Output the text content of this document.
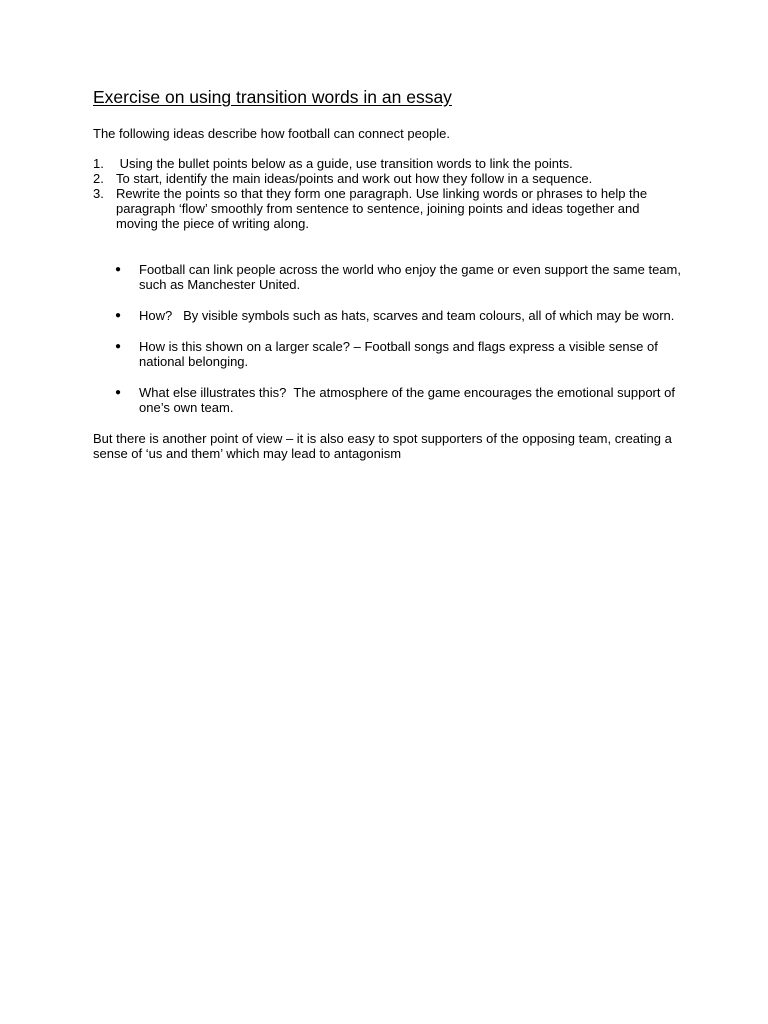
Exercise on using transition words in an essay

The following ideas describe how football can connect people.

1. Using the bullet points below as a guide, use transition words to link the points.
2. To start, identify the main ideas/points and work out how they follow in a sequence.
3. Rewrite the points so that they form one paragraph. Use linking words or phrases to help the paragraph ‘flow’ smoothly from sentence to sentence, joining points and ideas together and moving the piece of writing along.
●	Football can link people across the world who enjoy the game or even support the same team, such as Manchester United.
●	How?   By visible symbols such as hats, scarves and team colours, all of which may be worn.
●	How is this shown on a larger scale? – Football songs and flags express a visible sense of national belonging.
●	What else illustrates this?  The atmosphere of the game encourages the emotional support of one’s own team.

But there is another point of view – it is also easy to spot supporters of the opposing team, creating a sense of ‘us and them’ which may lead to antagonism
